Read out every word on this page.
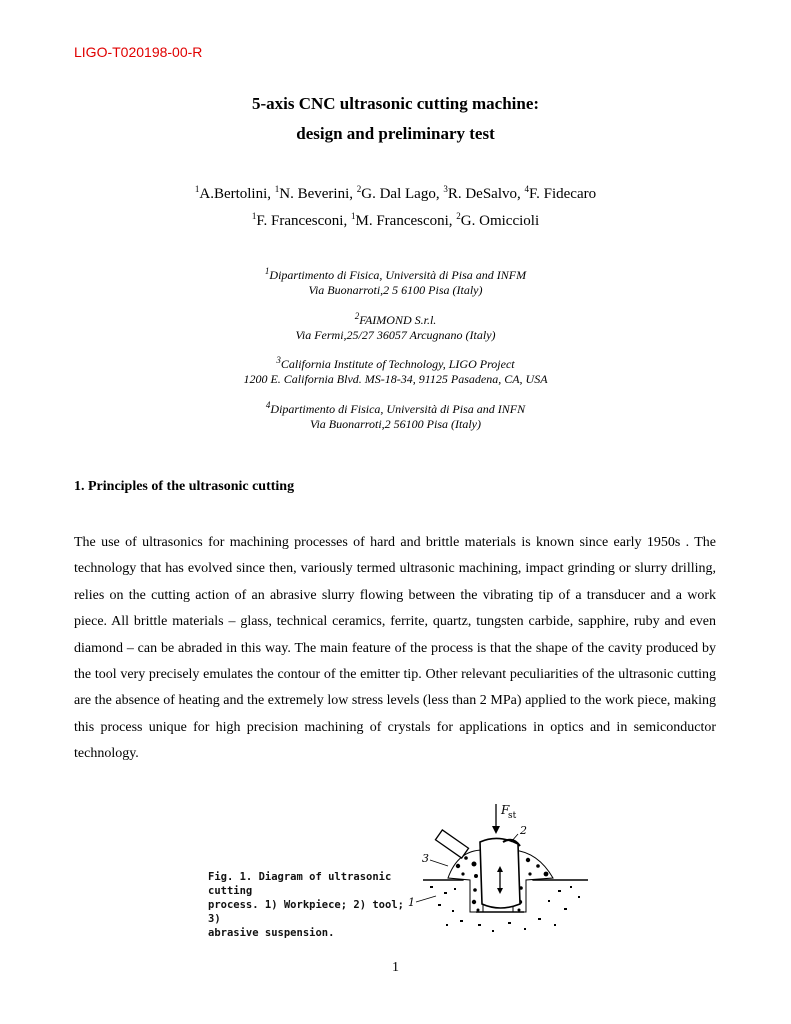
LIGO-T020198-00-R
5-axis CNC ultrasonic cutting machine:
design and preliminary test
$^1$A.Bertolini, $^1$N. Beverini, $^2$G. Dal Lago, $^3$R. DeSalvo, $^4$F. Fidecaro
$^1$F. Francesconi, $^1$M. Francesconi, $^2$G. Omiccioli
$^1$Dipartimento di Fisica, Università di Pisa and INFM
Via Buonarroti,2 5 6100 Pisa (Italy)
$^2$FAIMOND S.r.l.
Via Fermi,25/27 36057 Arcugnano (Italy)
$^3$California Institute of Technology, LIGO Project
1200 E. California Blvd. MS-18-34, 91125 Pasadena, CA, USA
$^4$Dipartimento di Fisica, Università di Pisa and INFN
Via Buonarroti,2 56100 Pisa (Italy)
1. Principles of the ultrasonic cutting
The use of ultrasonics for machining processes of hard and brittle materials is known since early 1950s . The technology that has evolved since then, variously termed ultrasonic machining, impact grinding or slurry drilling, relies on the cutting action of an abrasive slurry flowing between the vibrating tip of a transducer and a work piece. All brittle materials – glass, technical ceramics, ferrite, quartz, tungsten carbide, sapphire, ruby and even diamond – can be abraded in this way. The main feature of the process is that the shape of the cavity produced by the tool very precisely emulates the contour of the emitter tip. Other relevant peculiarities of the ultrasonic cutting are the absence of heating and the extremely low stress levels (less than 2 MPa) applied to the work piece, making this process unique for high precision machining of crystals for applications in optics and in semiconductor technology.
Fig. 1. Diagram of ultrasonic cutting
process. 1) Workpiece; 2) tool; 3)
abrasive suspension.
F
st
2
3
1
1
